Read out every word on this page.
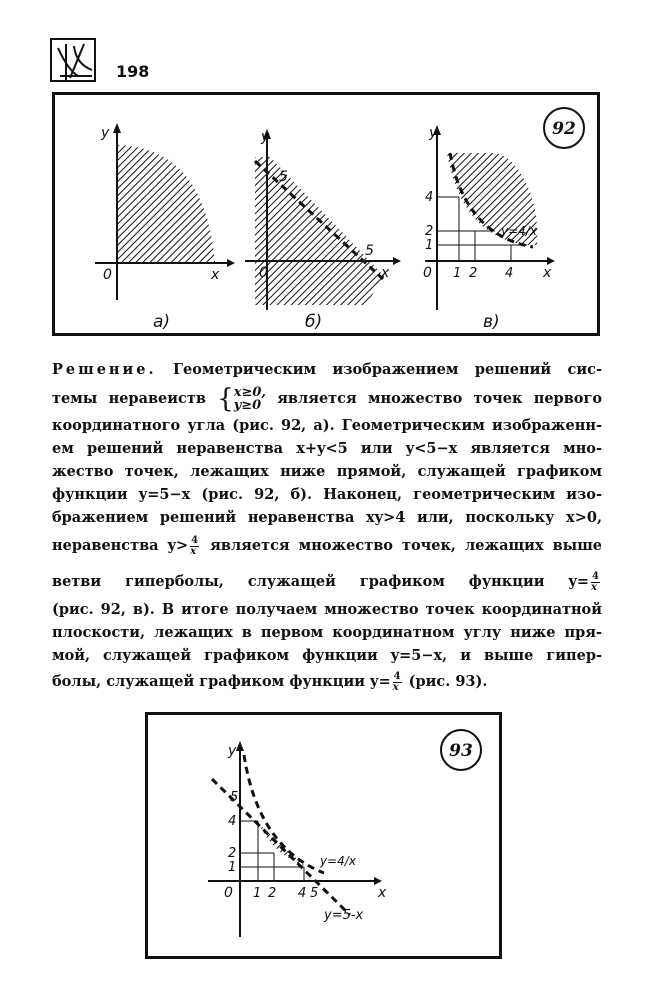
198
92
y
x
0
а)
y
x
0
5
5
б)
y
x
0
4
2
1
1 2 4
y=4/x
в)
Решение. Геометрическим изображением решений сис-
темы неравеиств { x≥0,
y≥0	является множество точек первого
координатного угла (рис. 92, а). Геометрическим изображенн-
ем решений неравенства x+y<5 или y<5−x является мно-
жество точек, лежащих ниже прямой, служащей графиком
функции y=5−x (рис. 92, б). Наконец, геометрическим изо-
бражением решений неравенства xy>4 или, поскольку x>0,
неравенства $y> \frac{4}{x}$ является множество точек, лежащих выше
ветви гиперболы, служащей графиком функции $y= \frac{4}{x}$
(рис. 92, в). В итоге получаем множество точек координатной
плоскости, лежащих в первом координатном углу ниже пря-
мой, служащей графиком функции y=5−x, и выше гипер-
болы, служащей графиком функции $y= \frac{4}{x} (рис$. 93).
93
y
x
0
5
4
2
1
1 2 4 5
y=4/x
y=5-x
